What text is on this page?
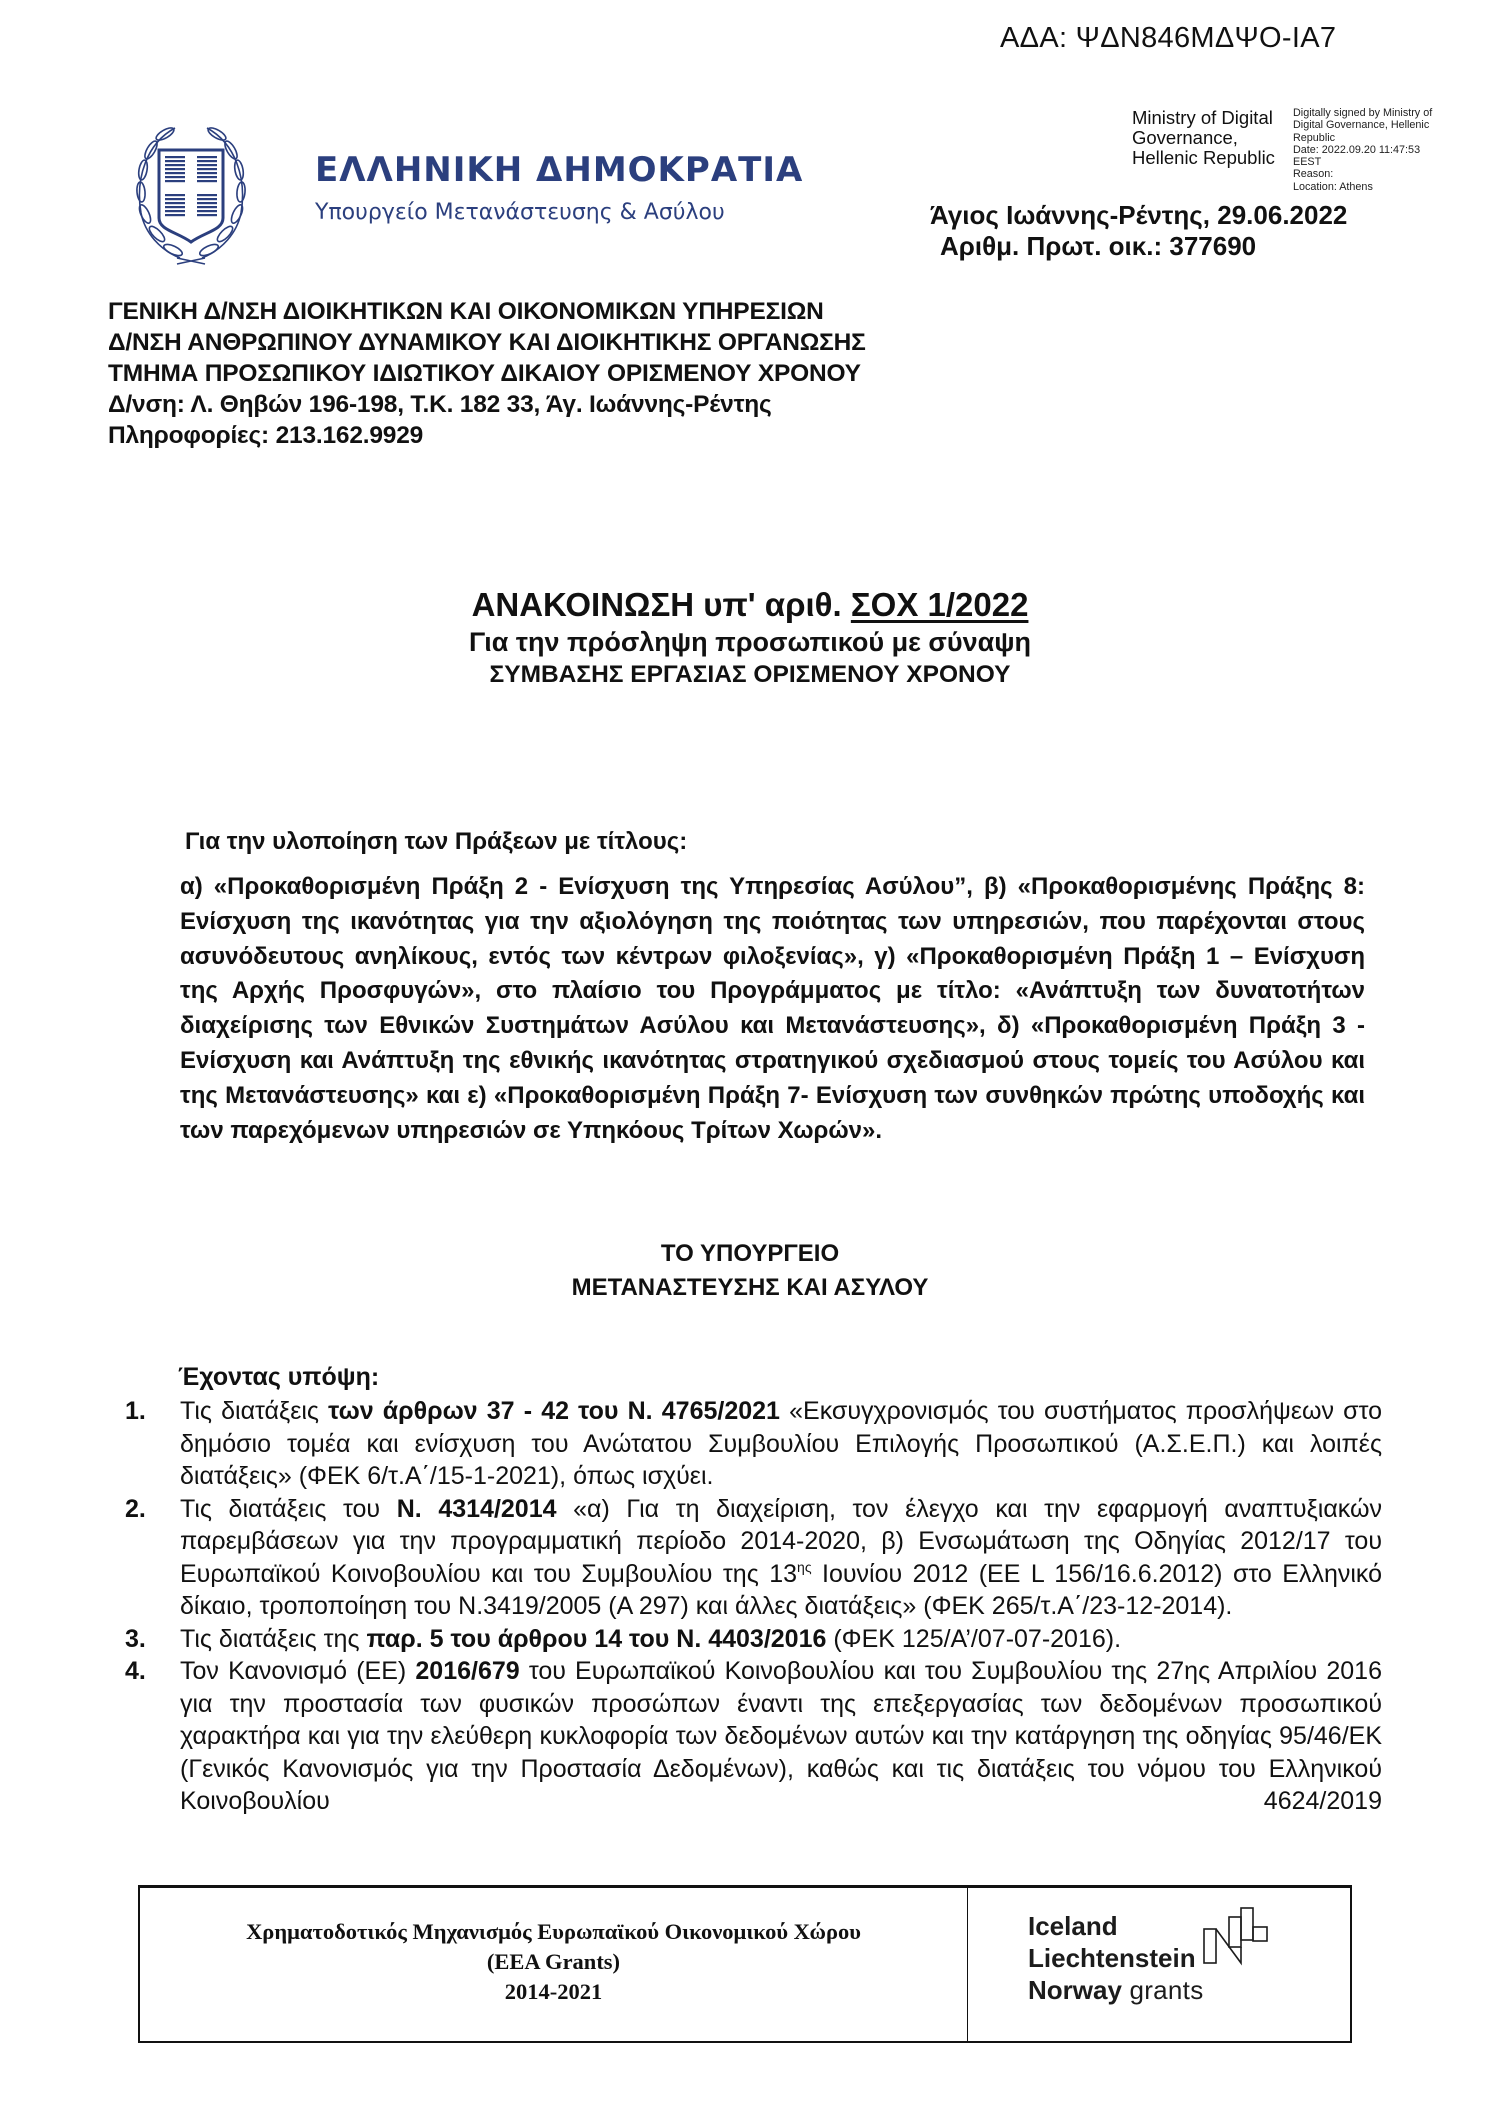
ΑΔΑ: ΨΔΝ846ΜΔΨΟ-ΙΑ7
Ministry of Digital Governance, Hellenic Republic
Digitally signed by Ministry of
Digital Governance, Hellenic
Republic
Date: 2022.09.20 11:47:53
EEST
Reason:
Location: Athens
ΕΛΛΗΝΙΚΗ ΔΗΜΟΚΡΑΤΙΑ
Υπουργείο Μετανάστευσης & Ασύλου	Άγιος Ιωάννης-Ρέντης, 29.06.2022
Αριθμ. Πρωτ. οικ.: 377690
ΓΕΝΙΚΗ Δ/ΝΣΗ ΔΙΟΙΚΗΤΙΚΩΝ ΚΑΙ ΟΙΚΟΝΟΜΙΚΩΝ ΥΠΗΡΕΣΙΩΝ
Δ/ΝΣΗ ΑΝΘΡΩΠΙΝΟΥ ΔΥΝΑΜΙΚΟΥ ΚΑΙ ΔΙΟΙΚΗΤΙΚΗΣ ΟΡΓΑΝΩΣΗΣ
ΤΜΗΜΑ ΠΡΟΣΩΠΙΚΟΥ ΙΔΙΩΤΙΚΟΥ ΔΙΚΑΙΟΥ ΟΡΙΣΜΕΝΟΥ ΧΡΟΝΟΥ
Δ/νση: Λ. Θηβών 196-198, Τ.Κ. 182 33, Άγ. Ιωάννης-Ρέντης
Πληροφορίες: 213.162.9929
ΑΝΑΚΟΙΝΩΣΗ υπ' αριθ. ΣΟΧ 1/2022
Για την πρόσληψη προσωπικού με σύναψη
ΣΥΜΒΑΣΗΣ ΕΡΓΑΣΙΑΣ ΟΡΙΣΜΕΝΟΥ ΧΡΟΝΟΥ
Για την υλοποίηση των Πράξεων με τίτλους:
α) «Προκαθορισμένη Πράξη 2 - Ενίσχυση της Υπηρεσίας Ασύλου”, β) «Προκαθορισμένης Πράξης 8: Ενίσχυση της ικανότητας για την αξιολόγηση της ποιότητας των υπηρεσιών, που παρέχονται στους ασυνόδευτους ανηλίκους, εντός των κέντρων φιλοξενίας», γ) «Προκαθορισμένη Πράξη 1 – Ενίσχυση της Αρχής Προσφυγών», στο πλαίσιο του Προγράμματος με τίτλο: «Ανάπτυξη των δυνατοτήτων διαχείρισης των Εθνικών Συστημάτων Ασύλου και Μετανάστευσης», δ) «Προκαθορισμένη Πράξη 3 - Ενίσχυση και Ανάπτυξη της εθνικής ικανότητας στρατηγικού σχεδιασμού στους τομείς του Ασύλου και της Μετανάστευσης» και ε) «Προκαθορισμένη Πράξη 7- Ενίσχυση των συνθηκών πρώτης υποδοχής και των παρεχόμενων υπηρεσιών σε Υπηκόους Τρίτων Χωρών».
ΤΟ ΥΠΟΥΡΓΕΙΟ
ΜΕΤΑΝΑΣΤΕΥΣΗΣ ΚΑΙ ΑΣΥΛΟΥ
Έχοντας υπόψη:
1. Τις διατάξεις των άρθρων 37 - 42 του Ν. 4765/2021 «Εκσυγχρονισμός του συστήματος προσλήψεων στο δημόσιο τομέα και ενίσχυση του Ανώτατου Συμβουλίου Επιλογής Προσωπικού (Α.Σ.Ε.Π.) και λοιπές διατάξεις» (ΦΕΚ 6/τ.Α΄/15-1-2021), όπως ισχύει.
2. Τις διατάξεις του Ν. 4314/2014 «α) Για τη διαχείριση, τον έλεγχο και την εφαρμογή αναπτυξιακών παρεμβάσεων για την προγραμματική περίοδο 2014-2020, β) Ενσωμάτωση της Οδηγίας 2012/17 του Ευρωπαϊκού Κοινοβουλίου και του Συμβουλίου της $13^{\eta\varsigma}$ Ιουνίου 2012 (ΕΕ L 156/16.6.2012) στο Ελληνικό δίκαιο, τροποποίηση του Ν.3419/2005 (Α 297) και άλλες διατάξεις» (ΦΕΚ 265/τ.Α΄/23-12-2014).
3. Τις διατάξεις της παρ. 5 του άρθρου 14 του Ν. 4403/2016 (ΦΕΚ 125/Α’/07-07-2016).
4. Τον Κανονισμό (ΕΕ) 2016/679 του Ευρωπαϊκού Κοινοβουλίου και του Συμβουλίου της 27ης Απριλίου 2016 για την προστασία των φυσικών προσώπων έναντι της επεξεργασίας των δεδομένων προσωπικού χαρακτήρα και για την ελεύθερη κυκλοφορία των δεδομένων αυτών και την κατάργηση της οδηγίας 95/46/ΕΚ (Γενικός Κανονισμός για την Προστασία Δεδομένων), καθώς και τις διατάξεις του νόμου του Ελληνικού Κοινοβουλίου 4624/2019
Χρηματοδοτικός Μηχανισμός Ευρωπαϊκού Οικονομικού Χώρου
(EEA Grants)
2014-2021
Iceland
Liechtenstein
Norway grants
